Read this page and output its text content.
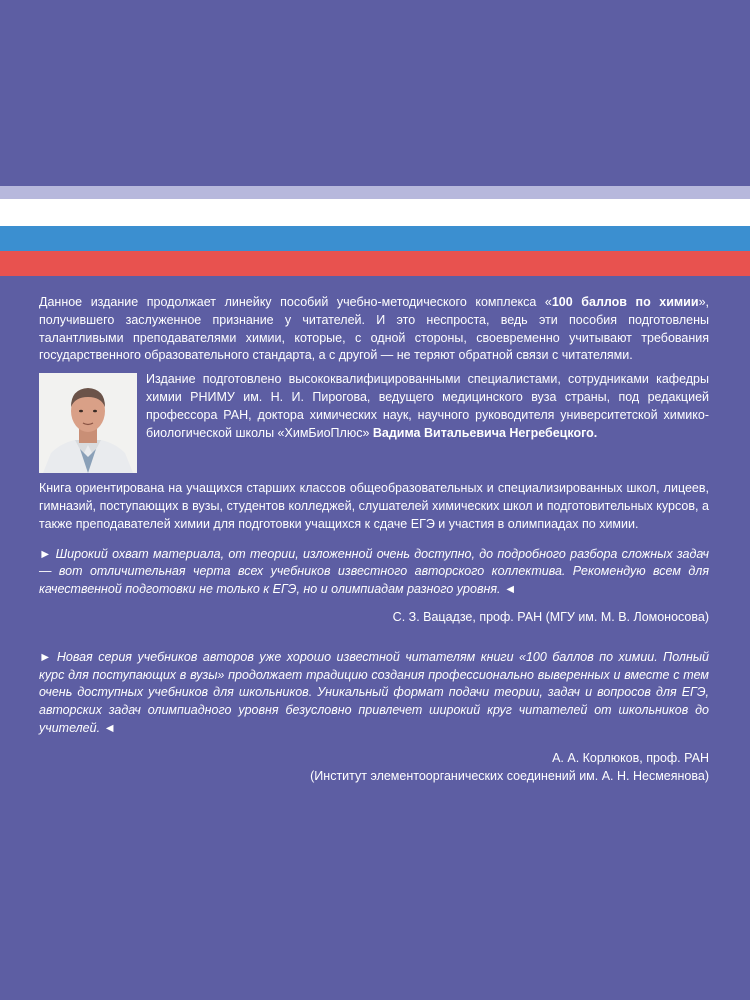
Данное издание продолжает линейку пособий учебно-методического комплекса «100 баллов по химии», получившего заслуженное признание у читателей. И это неспроста, ведь эти пособия подготовлены талантливыми преподавателями химии, которые, с одной стороны, своевременно учитывают требования государственного образовательного стандарта, а с другой — не теряют обратной связи с читателями.

Издание подготовлено высококвалифицированными специалистами, сотрудниками кафедры химии РНИМУ им. Н. И. Пирогова, ведущего медицинского вуза страны, под редакцией профессора РАН, доктора химических наук, научного руководителя университетской химико-биологической школы «ХимБиоПлюс» Вадима Витальевича Негребецкого.

Книга ориентирована на учащихся старших классов общеобразовательных и специализированных школ, лицеев, гимназий, поступающих в вузы, студентов колледжей, слушателей химических школ и подготовительных курсов, а также преподавателей химии для подготовки учащихся к сдаче ЕГЭ и участия в олимпиадах по химии.

► Широкий охват материала, от теории, изложенной очень доступно, до подробного разбора сложных задач — вот отличительная черта всех учебников известного авторского коллектива. Рекомендую всем для качественной подготовки не только к ЕГЭ, но и олимпиадам разного уровня. ◄

С. З. Вацадзе, проф. РАН (МГУ им. М. В. Ломоносова)

► Новая серия учебников авторов уже хорошо известной читателям книги «100 баллов по химии. Полный курс для поступающих в вузы» продолжает традицию создания профессионально выверенных и вместе с тем очень доступных учебников для школьников. Уникальный формат подачи теории, задач и вопросов для ЕГЭ, авторских задач олимпиадного уровня безусловно привлечет широкий круг читателей от школьников до учителей. ◄

А. А. Корлюков, проф. РАН

(Институт элементоорганических соединений им. А. Н. Несмеянова)
